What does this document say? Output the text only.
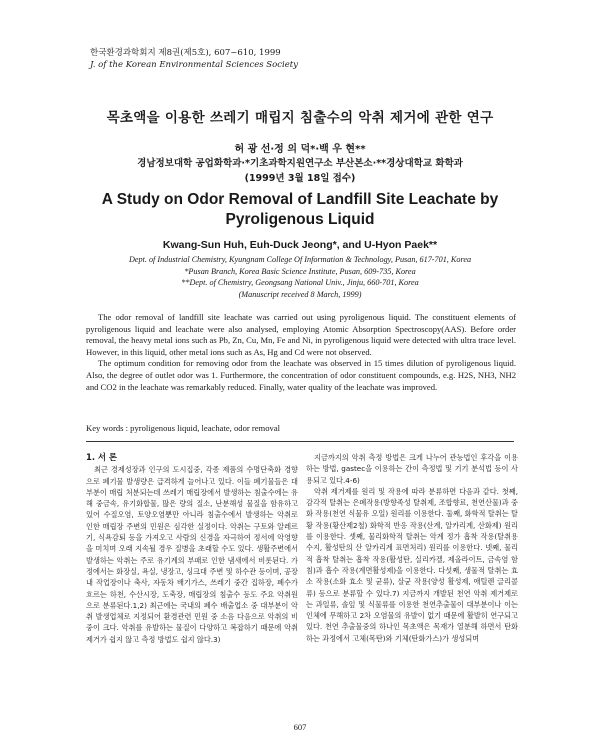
한국환경과학회지 제8권(제5호), 607~610, 1999
J. of the Korean Environmental Sciences Society
목초액을 이용한 쓰레기 매립지 침출수의 악취 제거에 관한 연구
허 광 선·정 의 덕*·백 우 현**
경남정보대학 공업화학과·*기초과학지원연구소 부산본소·**경상대학교 화학과
(1999년 3월 18일 접수)
A Study on Odor Removal of Landfill Site Leachate by
Pyroligenous Liquid
Kwang-Sun Huh, Euh-Duck Jeong*, and U-Hyon Paek**
Dept. of Industrial Chemistry, Kyungnam College Of Information & Technology, Pusan, 617-701, Korea
*Pusan Branch, Korea Basic Science Institute, Pusan, 609-735, Korea
**Dept. of Chemistry, Geongsang National Univ., Jinju, 660-701, Korea
(Manuscript received 8 March, 1999)

The odor removal of landfill site leachate was carried out using pyroligenous liquid. The constituent elements of pyroligenous liquid and leachate were also analysed, employing Atomic Absorption Spectroscopy(AAS). Before order removal, the heavy metal ions such as Pb, Zn, Cu, Mn, Fe and Ni, in pyroligenous liquid were detected with ultra trace level. However, in this liquid, other metal ions such as As, Hg and Cd were not observed.

The optimum condition for removing odor from the leachate was observed in 15 times dilution of pyroligenous liquid. Also, the degree of outlet odor was 1. Furthermore, the concentration of odor constituent compounds, e.g. H2S, NH3, NH2 and CO2 in the leachate was remarkably reduced. Finally, water quality of the leachate was improved.

Key words : pyroligenous liquid, leachate, odor removal

1. 서 론

최근 경제성장과 인구의 도시집중, 각종 제품의 수명단축화 경향으로 폐기물 발생량은 급격하게 늘어나고 있다. 이들 폐기물들은 대부분이 매립 처분되는데 쓰레기 매립장에서 발생하는 침출수에는 유해 중금속, 유기화합물, 많은 량의 질소, 난분해성 물질을 함유하고 있어 수질오염, 토양오염뿐만 아니라 침출수에서 발생하는 악취로 인한 매립장 주변의 민원은 심각한 실정이다. 악취는 구토와 알레르기, 식욕감퇴 등을 가져오고 사람의 신경을 자극하여 정서에 악영향을 미치며 오래 지속될 경우 질병을 초래할 수도 있다. 생활주변에서 발생하는 악취는 주로 유기계의 부패로 인한 냄새에서 비롯된다. 가정에서는 화장실, 욕실, 냉장고, 싱크대 주변 및 하수관 등이며, 공장내 작업장이나 축사, 자동차 배기가스, 쓰레기 중간 집하장, 폐수가 흐르는 하천, 수산시장, 도축장, 매립장의 침출수 등도 주요 악취원으로 분류된다.1,2) 최근에는 국내의 폐수 배출업소 중 대부분이 악취 발생업체로 지정되어 환경관련 민원 중 소음 다음으로 악취의 비중이 크다. 악취를 유발하는 물질이 다양하고 복잡하기 때문에 악취제거가 쉽지 않고 측정 방법도 쉽지 않다.3)

지금까지의 악취 측정 방법은 크게 나누어 관능법인 후각을 이용하는 방법, gastec을 이용하는 간이 측정법 및 기기 분석법 등이 사용되고 있다.4-6)

악취 제거제를 원리 및 작용에 따라 분류하면 다음과 같다. 첫째, 감각적 탈취는 은폐작용(방향족성 탈취제, 조합향료, 천연산물)과 중화 작용(천연 식물유 오일) 원리를 이용한다. 둘째, 화학적 탈취는 탈황 작용(황산제2철) 화학적 반응 작용(산계, 알카리계, 산화제) 원리를 이용한다. 셋째, 물리화학적 탈취는 악계 정가 흡착 작용(탈취용 수지, 활성탄의 산 알카리계 표면처리) 원리를 이용한다. 넷째, 물리적 흡착 탈취는 흡착 작용(활성탄, 실리카겔, 제올라이트, 금속염 함침)과 흡수 작용(계면활성제)을 이용한다. 다섯째, 생물적 탈취는 효소 작용(소화 효소 및 균류), 살균 작용(양성 활성제, 애틸렌 글리콜류) 등으로 분류할 수 있다.7) 지금까지 개발된 천연 악취 제거제로는 과일류, 솔잎 및 식물류를 이용한 천연추출물이 대부분이나 이는 인체에 무해하고 2차 오염물의 유발이 없기 때문에 활발히 연구되고 있다. 천연 추출물중의 하나인 목초액은 목재가 열분해 하면서 탄화하는 과정에서 고체(목탄)와 기체(탄화가스)가 생성되며

607
